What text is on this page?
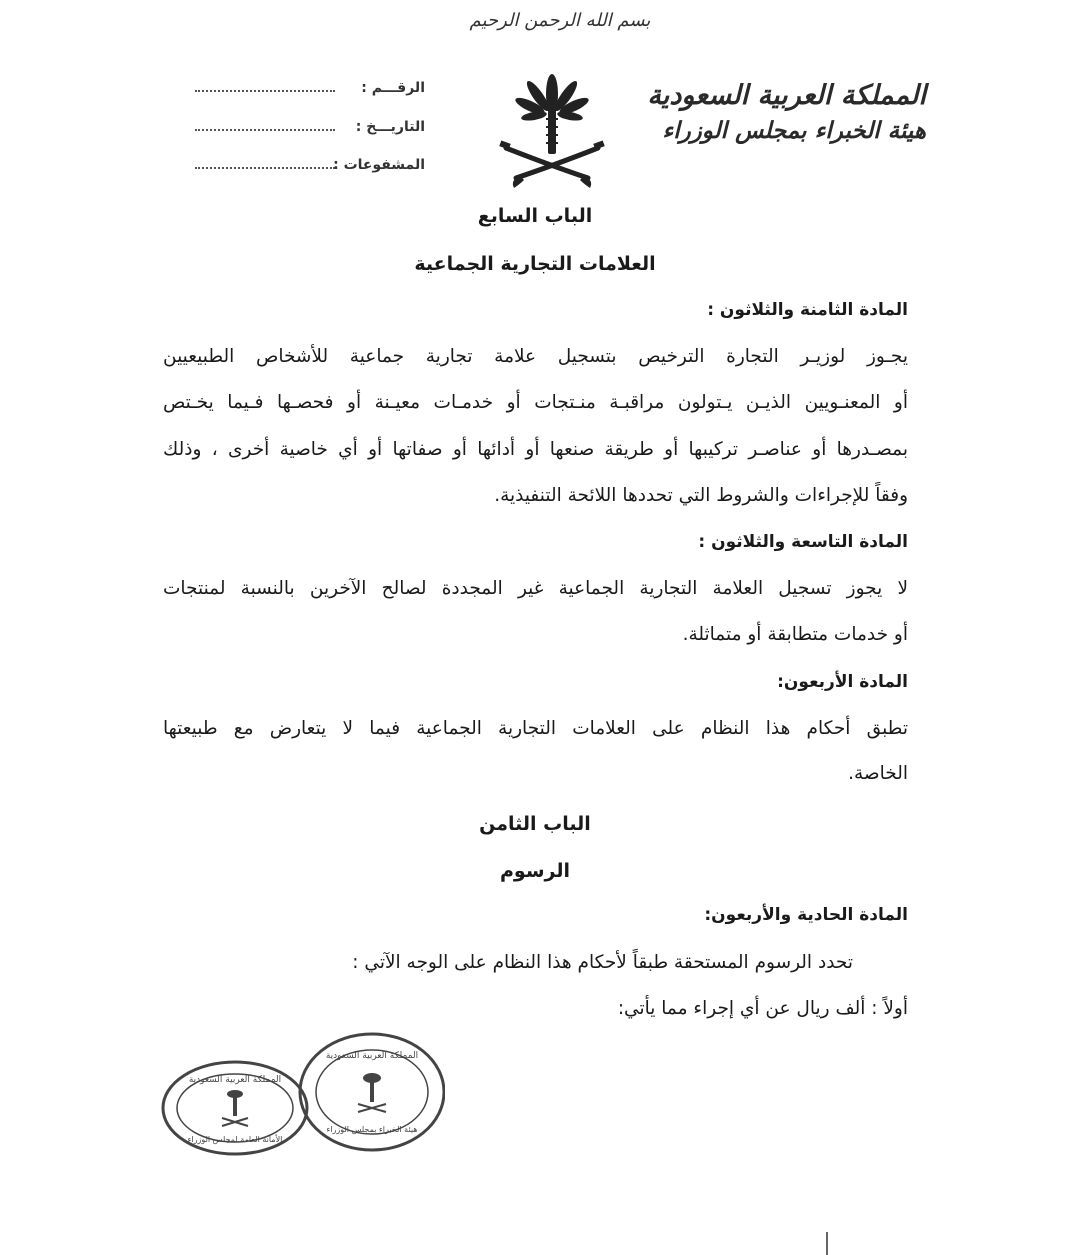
بسم الله الرحمن الرحيم
المملكة العربية السعودية
هيئة الخبراء بمجلس الوزراء
الرقـــم :
التاريـــخ :
المشفوعات :
الباب السابع
العلامات التجارية الجماعية
المادة الثامنة والثلاثون :
يجـوز لوزيـر التجارة الترخيص بتسجيل علامة تجارية جماعية للأشخاص الطبيعيين
أو المعنـويين الذيـن يـتولون مراقبـة منـتجات أو خدمـات معيـنة أو فحصـها فـيما يخـتص
بمصـدرها أو عناصـر تركيبها أو طريقة صنعها أو أدائها أو صفاتها أو أي خاصية أخرى ، وذلك
وفقاً للإجراءات والشروط التي تحددها اللائحة التنفيذية.
المادة التاسعة والثلاثون :
لا يجوز تسجيل العلامة التجارية الجماعية غير المجددة لصالح الآخرين بالنسبة لمنتجات
أو خدمات متطابقة أو متماثلة.
المادة الأربعون:
تطبق أحكام هذا النظام على العلامات التجارية الجماعية فيما لا يتعارض مع طبيعتها
الخاصة.
الباب الثامن
الرسوم
المادة الحادية والأربعون:
تحدد الرسوم المستحقة طبقاً لأحكام هذا النظام على الوجه الآتي :
أولاً : ألف ريال عن أي إجراء مما يأتي:
المملكة العربية السعودية
الأمانة العامة لمجلس الوزراء
المملكة العربية السعودية
هيئة الخبراء بمجلس الوزراء
